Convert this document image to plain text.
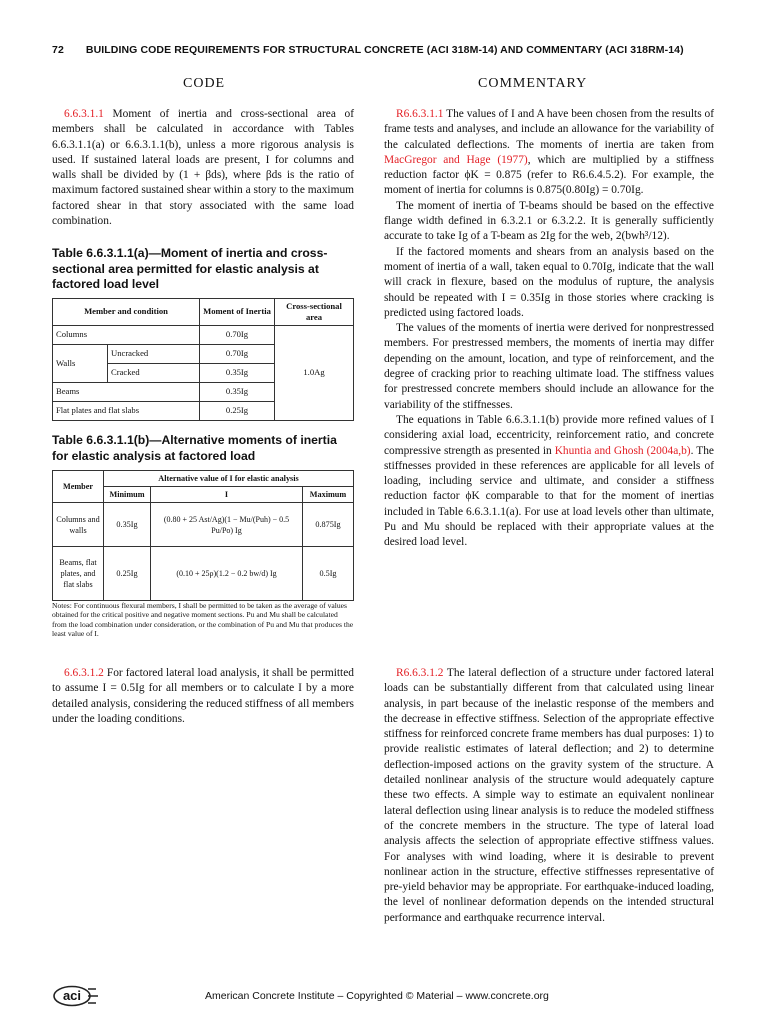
72 BUILDING CODE REQUIREMENTS FOR STRUCTURAL CONCRETE (ACI 318M-14) AND COMMENTARY (ACI 318RM-14)
CODE	COMMENTARY

6.6.3.1.1 Moment of inertia and cross-sectional area of members shall be calculated in accordance with Tables 6.6.3.1.1(a) or 6.6.3.1.1(b), unless a more rigorous analysis is used. If sustained lateral loads are present, I for columns and walls shall be divided by (1 + βds), where βds is the ratio of maximum factored sustained shear within a story to the maximum factored shear in that story associated with the same load combination.

Table 6.6.3.1.1(a)—Moment of inertia and cross-sectional area permitted for elastic analysis at factored load level
Member and condition		Moment of Inertia	Cross-sectional area
Columns		0.70Ig	1.0Ag
Walls	Uncracked	0.70Ig	
	Cracked	0.35Ig	
Beams		0.35Ig	
Flat plates and flat slabs		0.25Ig	
Table 6.6.3.1.1(b)—Alternative moments of inertia for elastic analysis at factored load
Member	Alternative value of I for elastic analysis		
	Minimum	I	Maximum
Columns and walls	0.35Ig	(0.80 + 25 Ast/Ag)(1 − Mu/(Puh) − 0.5 Pu/Po) Ig	0.875Ig
Beams, flat plates, and flat slabs	0.25Ig	(0.10 + 25ρ)(1.2 − 0.2 bw/d) Ig	0.5Ig
Notes: For continuous flexural members, I shall be permitted to be taken as the average of values obtained for the critical positive and negative moment sections. Pu and Mu shall be calculated from the load combination under consideration, or the combination of Pu and Mu that produces the least value of I.

6.6.3.1.2 For factored lateral load analysis, it shall be permitted to assume I = 0.5Ig for all members or to calculate I by a more detailed analysis, considering the reduced stiffness of all members under the loading conditions.

R6.6.3.1.1 The values of I and A have been chosen from the results of frame tests and analyses, and include an allowance for the variability of the calculated deflections. The moments of inertia are taken from MacGregor and Hage (1977), which are multiplied by a stiffness reduction factor ϕK = 0.875 (refer to R6.6.4.5.2). For example, the moment of inertia for columns is 0.875(0.80Ig) = 0.70Ig.

The moment of inertia of T-beams should be based on the effective flange width defined in 6.3.2.1 or 6.3.2.2. It is generally sufficiently accurate to take Ig of a T-beam as 2Ig for the web, 2(bwh³/12).

If the factored moments and shears from an analysis based on the moment of inertia of a wall, taken equal to 0.70Ig, indicate that the wall will crack in flexure, based on the modulus of rupture, the analysis should be repeated with I = 0.35Ig in those stories where cracking is predicted using factored loads.

The values of the moments of inertia were derived for nonprestressed members. For prestressed members, the moments of inertia may differ depending on the amount, location, and type of reinforcement, and the degree of cracking prior to reaching ultimate load. The stiffness values for prestressed concrete members should include an allowance for the variability of the stiffnesses.

The equations in Table 6.6.3.1.1(b) provide more refined values of I considering axial load, eccentricity, reinforcement ratio, and concrete compressive strength as presented in Khuntia and Ghosh (2004a,b). The stiffnesses provided in these references are applicable for all levels of loading, including service and ultimate, and consider a stiffness reduction factor ϕK comparable to that for the moment of inertias included in Table 6.6.3.1.1(a). For use at load levels other than ultimate, Pu and Mu should be replaced with their appropriate values at the desired load level.

R6.6.3.1.2 The lateral deflection of a structure under factored lateral loads can be substantially different from that calculated using linear analysis, in part because of the inelastic response of the members and the decrease in effective stiffness. Selection of the appropriate effective stiffness for reinforced concrete frame members has dual purposes: 1) to provide realistic estimates of lateral deflection; and 2) to determine deflection-imposed actions on the gravity system of the structure. A detailed nonlinear analysis of the structure would adequately capture these two effects. A simple way to estimate an equivalent nonlinear lateral deflection using linear analysis is to reduce the modeled stiffness of the concrete members in the structure. The type of lateral load analysis affects the selection of appropriate effective stiffness values. For analyses with wind loading, where it is desirable to prevent nonlinear action in the structure, effective stiffnesses representative of pre-yield behavior may be appropriate. For earthquake-induced loading, the level of nonlinear deformation depends on the intended structural performance and earthquake recurrence interval.

aci	American Concrete Institute – Copyrighted © Material – www.concrete.org
